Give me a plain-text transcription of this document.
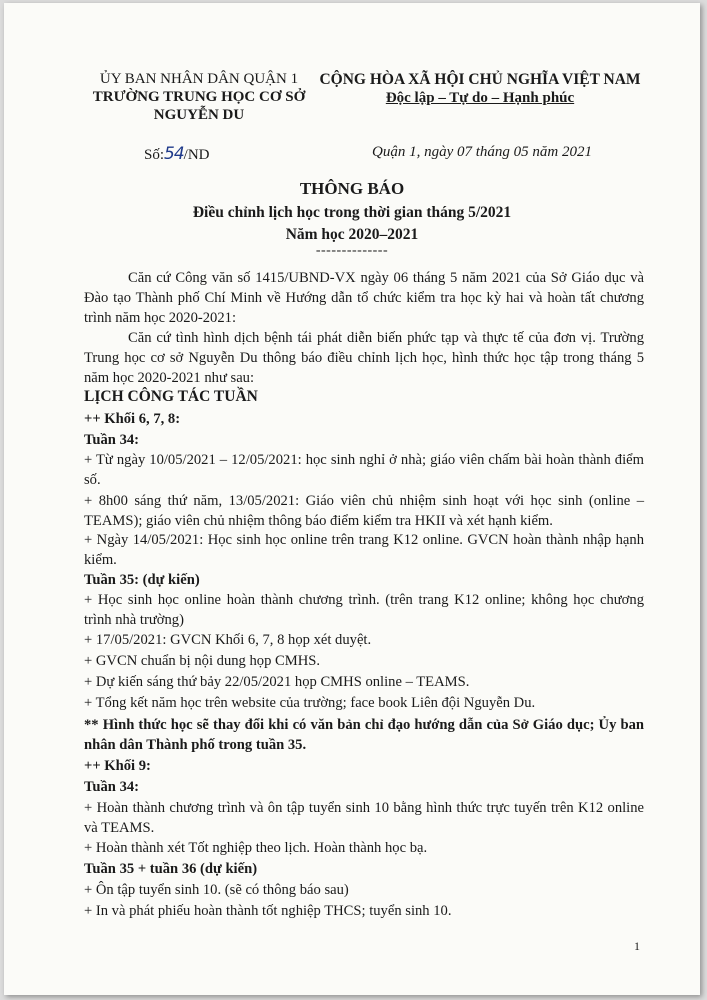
ỦY BAN NHÂN DÂN QUẬN 1
TRƯỜNG TRUNG HỌC CƠ SỞ
NGUYỄN DU
Số:54/ND
CỘNG HÒA XÃ HỘI CHỦ NGHĨA VIỆT NAM
Độc lập – Tự do – Hạnh phúc
Quận 1, ngày 07 tháng 05 năm 2021
THÔNG BÁO
Điều chỉnh lịch học trong thời gian tháng 5/2021
Năm học 2020–2021
--------------
Căn cứ Công văn số 1415/UBND-VX ngày 06 tháng 5 năm 2021 của Sở Giáo dục và Đào tạo Thành phố Chí Minh về Hướng dẫn tổ chức kiểm tra học kỳ hai và hoàn tất chương trình năm học 2020-2021:
Căn cứ tình hình dịch bệnh tái phát diễn biến phức tạp và thực tế của đơn vị. Trường Trung học cơ sở Nguyễn Du thông báo điều chỉnh lịch học, hình thức học tập trong tháng 5 năm học 2020-2021 như sau:
LỊCH CÔNG TÁC TUẦN
++ Khối 6, 7, 8:
Tuần 34:
+ Từ ngày 10/05/2021 – 12/05/2021: học sinh nghỉ ở nhà; giáo viên chấm bài hoàn thành điểm số.
+ 8h00 sáng thứ năm, 13/05/2021: Giáo viên chủ nhiệm sinh hoạt với học sinh (online – TEAMS); giáo viên chủ nhiệm thông báo điểm kiểm tra HKII và xét hạnh kiểm.
+ Ngày 14/05/2021: Học sinh học online trên trang K12 online. GVCN hoàn thành nhập hạnh kiểm.
Tuần 35: (dự kiến)
+ Học sinh học online hoàn thành chương trình. (trên trang K12 online; không học chương trình nhà trường)
+ 17/05/2021: GVCN Khối 6, 7, 8 họp xét duyệt.
+ GVCN chuẩn bị nội dung họp CMHS.
+ Dự kiến sáng thứ bảy 22/05/2021 họp CMHS online – TEAMS.
+ Tổng kết năm học trên website của trường; face book Liên đội Nguyễn Du.
** Hình thức học sẽ thay đổi khi có văn bản chỉ đạo hướng dẫn của Sở Giáo dục; Ủy ban nhân dân Thành phố trong tuần 35.
++ Khối 9:
Tuần 34:
+ Hoàn thành chương trình và ôn tập tuyển sinh 10 bằng hình thức trực tuyến trên K12 online và TEAMS.
+ Hoàn thành xét Tốt nghiệp theo lịch. Hoàn thành học bạ.
Tuần 35 + tuần 36 (dự kiến)
+ Ôn tập tuyển sinh 10. (sẽ có thông báo sau)
+ In và phát phiếu hoàn thành tốt nghiệp THCS; tuyển sinh 10.
1
